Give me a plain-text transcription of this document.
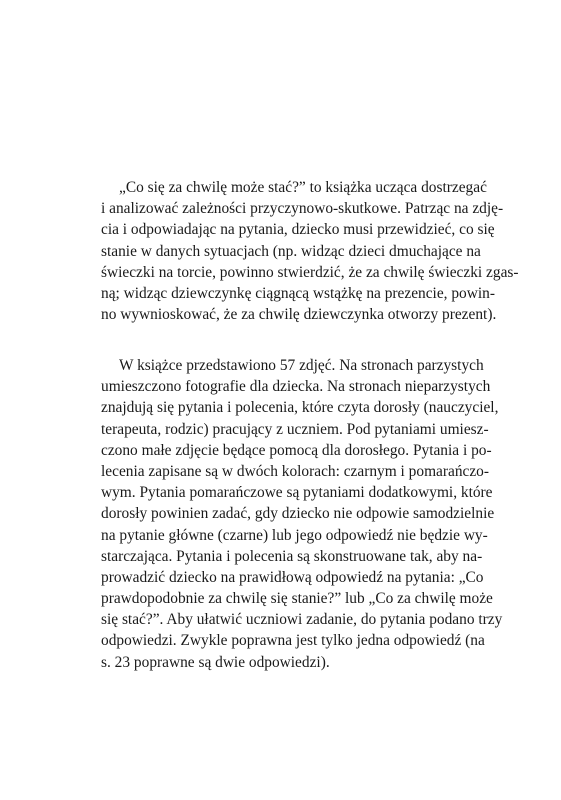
„Co się za chwilę może stać?” to książka ucząca dostrzegać
i analizować zależności przyczynowo-skutkowe. Patrząc na zdję-
cia i odpowiadając na pytania, dziecko musi przewidzieć, co się
stanie w danych sytuacjach (np. widząc dzieci dmuchające na
świeczki na torcie, powinno stwierdzić, że za chwilę świeczki zgas-
ną; widząc dziewczynkę ciągnącą wstążkę na prezencie, powin-
no wywnioskować, że za chwilę dziewczynka otworzy prezent).
W książce przedstawiono 57 zdjęć. Na stronach parzystych
umieszczono fotografie dla dziecka. Na stronach nieparzystych
znajdują się pytania i polecenia, które czyta dorosły (nauczyciel,
terapeuta, rodzic) pracujący z uczniem. Pod pytaniami umiesz-
czono małe zdjęcie będące pomocą dla dorosłego. Pytania i po-
lecenia zapisane są w dwóch kolorach: czarnym i pomarańczo-
wym. Pytania pomarańczowe są pytaniami dodatkowymi, które
dorosły powinien zadać, gdy dziecko nie odpowie samodzielnie
na pytanie główne (czarne) lub jego odpowiedź nie będzie wy-
starczająca. Pytania i polecenia są skonstruowane tak, aby na-
prowadzić dziecko na prawidłową odpowiedź na pytania: „Co
prawdopodobnie za chwilę się stanie?” lub „Co za chwilę może
się stać?”. Aby ułatwić uczniowi zadanie, do pytania podano trzy
odpowiedzi. Zwykle poprawna jest tylko jedna odpowiedź (na
s. 23 poprawne są dwie odpowiedzi).
